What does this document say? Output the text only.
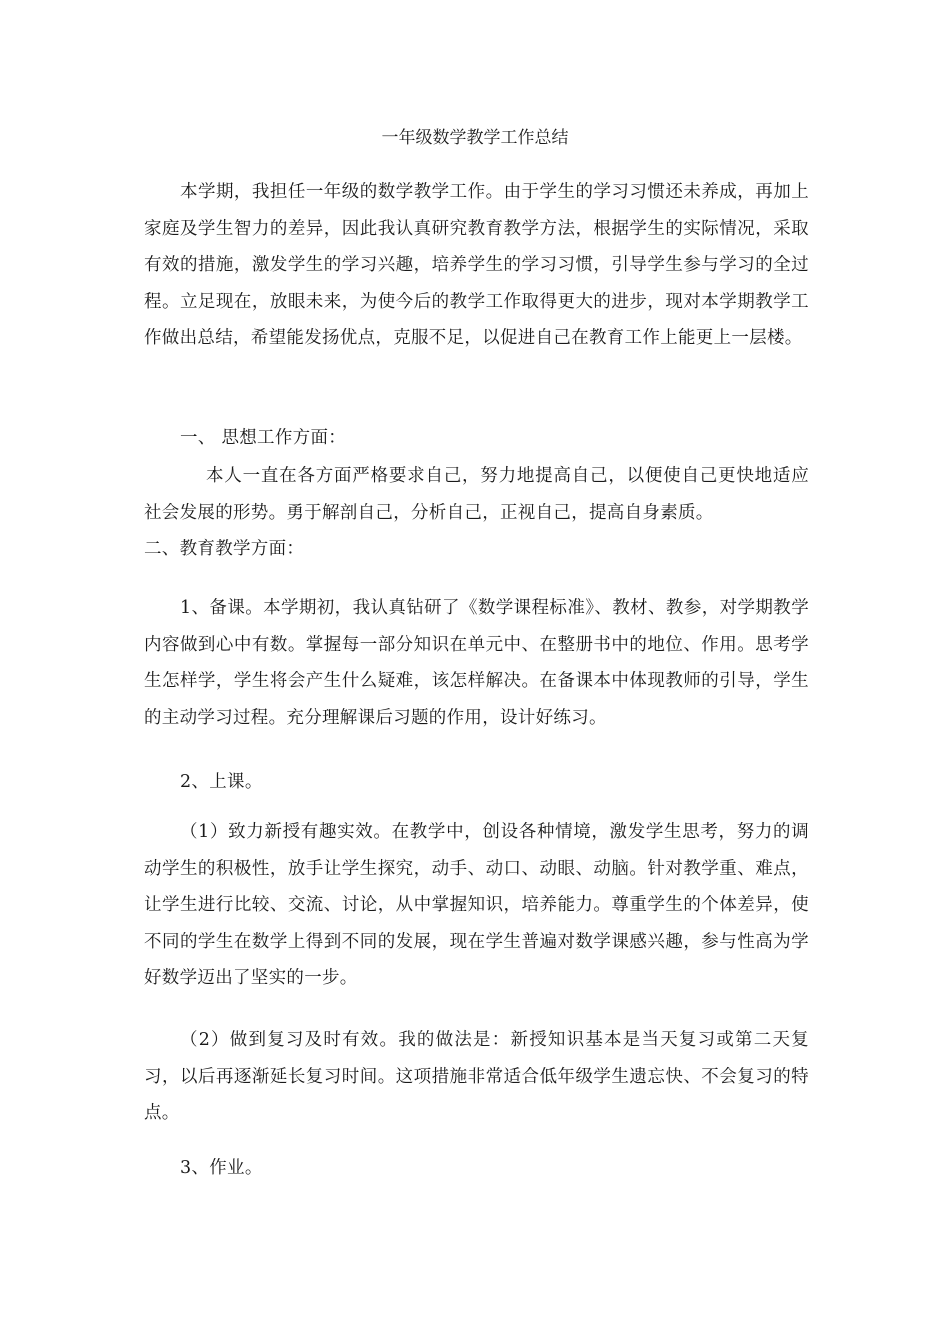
一年级数学教学工作总结
本学期，我担任一年级的数学教学工作。由于学生的学习习惯还未养成，再加上家庭及学生智力的差异，因此我认真研究教育教学方法，根据学生的实际情况，采取有效的措施，激发学生的学习兴趣，培养学生的学习习惯，引导学生参与学习的全过程。立足现在，放眼未来，为使今后的教学工作取得更大的进步，现对本学期教学工作做出总结，希望能发扬优点，克服不足，以促进自己在教育工作上能更上一层楼。
一、 思想工作方面：
本人一直在各方面严格要求自己，努力地提高自己，以便使自己更快地适应社会发展的形势。勇于解剖自己，分析自己，正视自己，提高自身素质。
二、教育教学方面：
1、备课。本学期初，我认真钻研了《数学课程标准》、教材、教参，对学期教学内容做到心中有数。掌握每一部分知识在单元中、在整册书中的地位、作用。思考学生怎样学，学生将会产生什么疑难，该怎样解决。在备课本中体现教师的引导，学生的主动学习过程。充分理解课后习题的作用，设计好练习。
2、上课。
（1）致力新授有趣实效。在教学中，创设各种情境，激发学生思考，努力的调动学生的积极性，放手让学生探究，动手、动口、动眼、动脑。针对教学重、难点，让学生进行比较、交流、讨论，从中掌握知识，培养能力。尊重学生的个体差异，使不同的学生在数学上得到不同的发展，现在学生普遍对数学课感兴趣，参与性高为学好数学迈出了坚实的一步。
（2）做到复习及时有效。我的做法是：新授知识基本是当天复习或第二天复习，以后再逐渐延长复习时间。这项措施非常适合低年级学生遗忘快、不会复习的特点。
3、作业。
